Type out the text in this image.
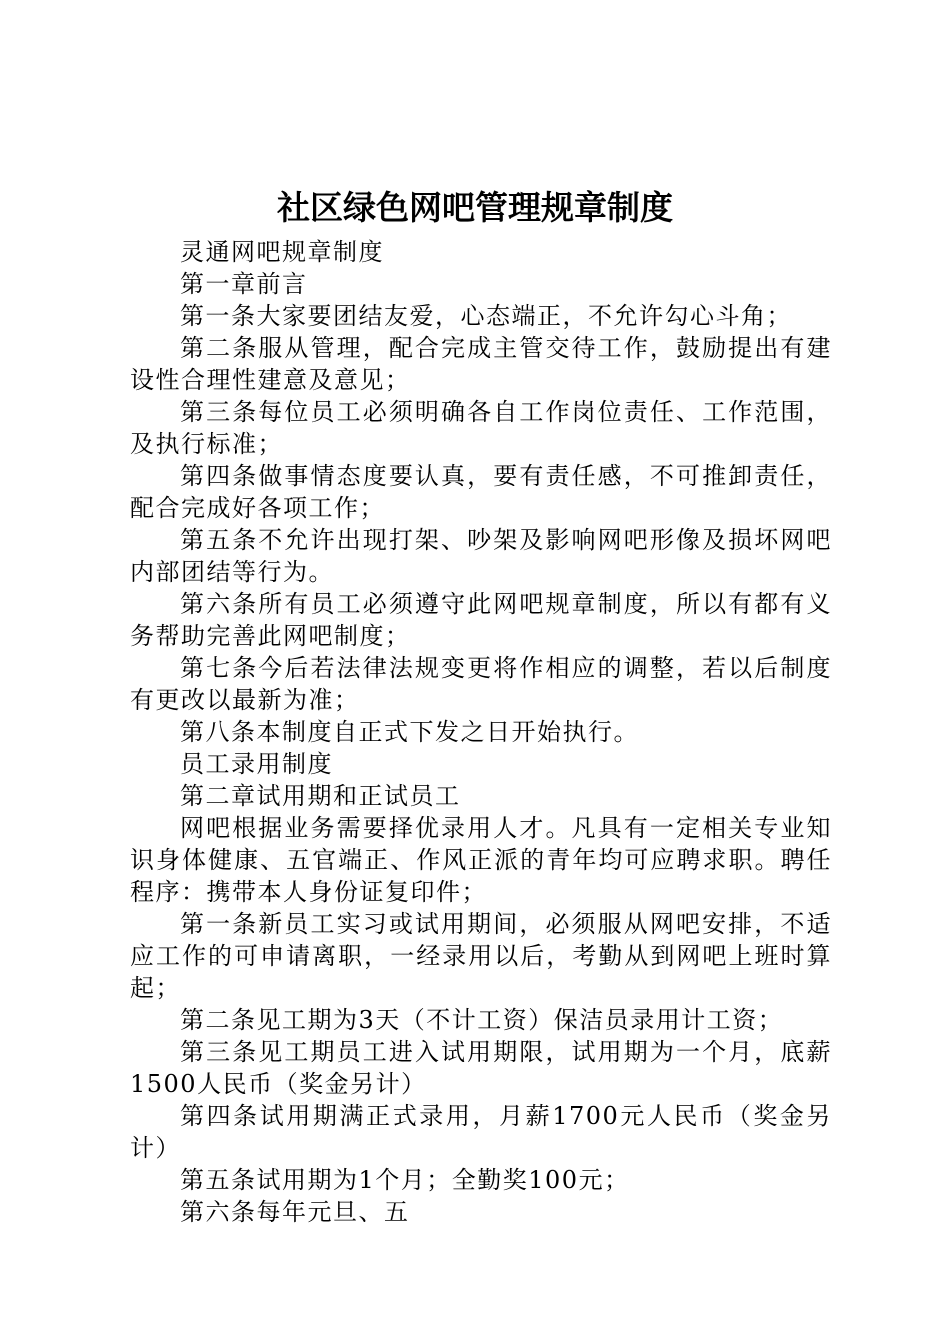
社区绿色网吧管理规章制度

灵通网吧规章制度

第一章前言

第一条大家要团结友爱，心态端正，不允许勾心斗角；

第二条服从管理，配合完成主管交待工作，鼓励提出有建设性合理性建意及意见；

第三条每位员工必须明确各自工作岗位责任、工作范围，及执行标准；

第四条做事情态度要认真，要有责任感，不可推卸责任，配合完成好各项工作；

第五条不允许出现打架、吵架及影响网吧形像及损坏网吧内部团结等行为。

第六条所有员工必须遵守此网吧规章制度，所以有都有义务帮助完善此网吧制度；

第七条今后若法律法规变更将作相应的调整，若以后制度有更改以最新为准；

第八条本制度自正式下发之日开始执行。

员工录用制度

第二章试用期和正试员工

网吧根据业务需要择优录用人才。凡具有一定相关专业知识身体健康、五官端正、作风正派的青年均可应聘求职。聘任程序：携带本人身份证复印件；

第一条新员工实习或试用期间，必须服从网吧安排，不适应工作的可申请离职，一经录用以后，考勤从到网吧上班时算起；

第二条见工期为3天（不计工资）保洁员录用计工资；

第三条见工期员工进入试用期限，试用期为一个月，底薪1500人民币（奖金另计）

第四条试用期满正式录用，月薪1700元人民币（奖金另计）

第五条试用期为1个月；全勤奖100元；

第六条每年元旦、五
